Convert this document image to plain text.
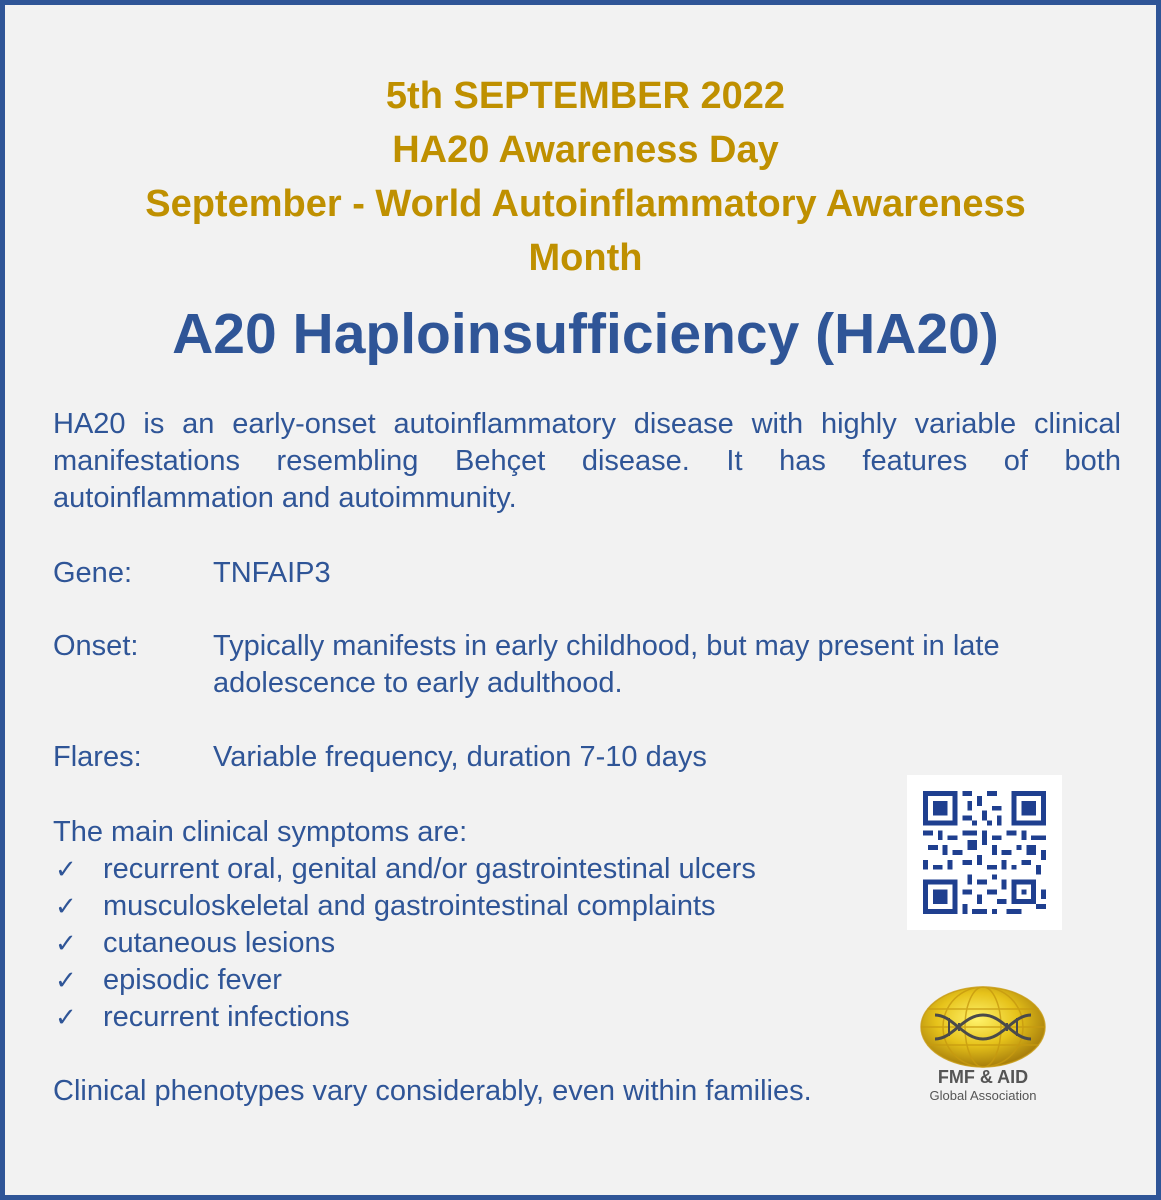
5th SEPTEMBER 2022
HA20 Awareness Day
September - World Autoinflammatory Awareness
Month
A20 Haploinsufficiency (HA20)
HA20 is an early-onset autoinflammatory disease with highly variable clinical manifestations resembling Behçet disease. It has features of both autoinflammation and autoimmunity.
Gene:	TNFAIP3
Onset:	Typically manifests in early childhood, but may present in late adolescence to early adulthood.
Flares: Variable frequency, duration 7-10 days
The main clinical symptoms are:
✓ recurrent oral, genital and/or gastrointestinal ulcers
✓ musculoskeletal and gastrointestinal complaints
✓ cutaneous lesions
✓ episodic fever
✓ recurrent infections
Clinical phenotypes vary considerably, even within families.	FMF & AID
Global Association
